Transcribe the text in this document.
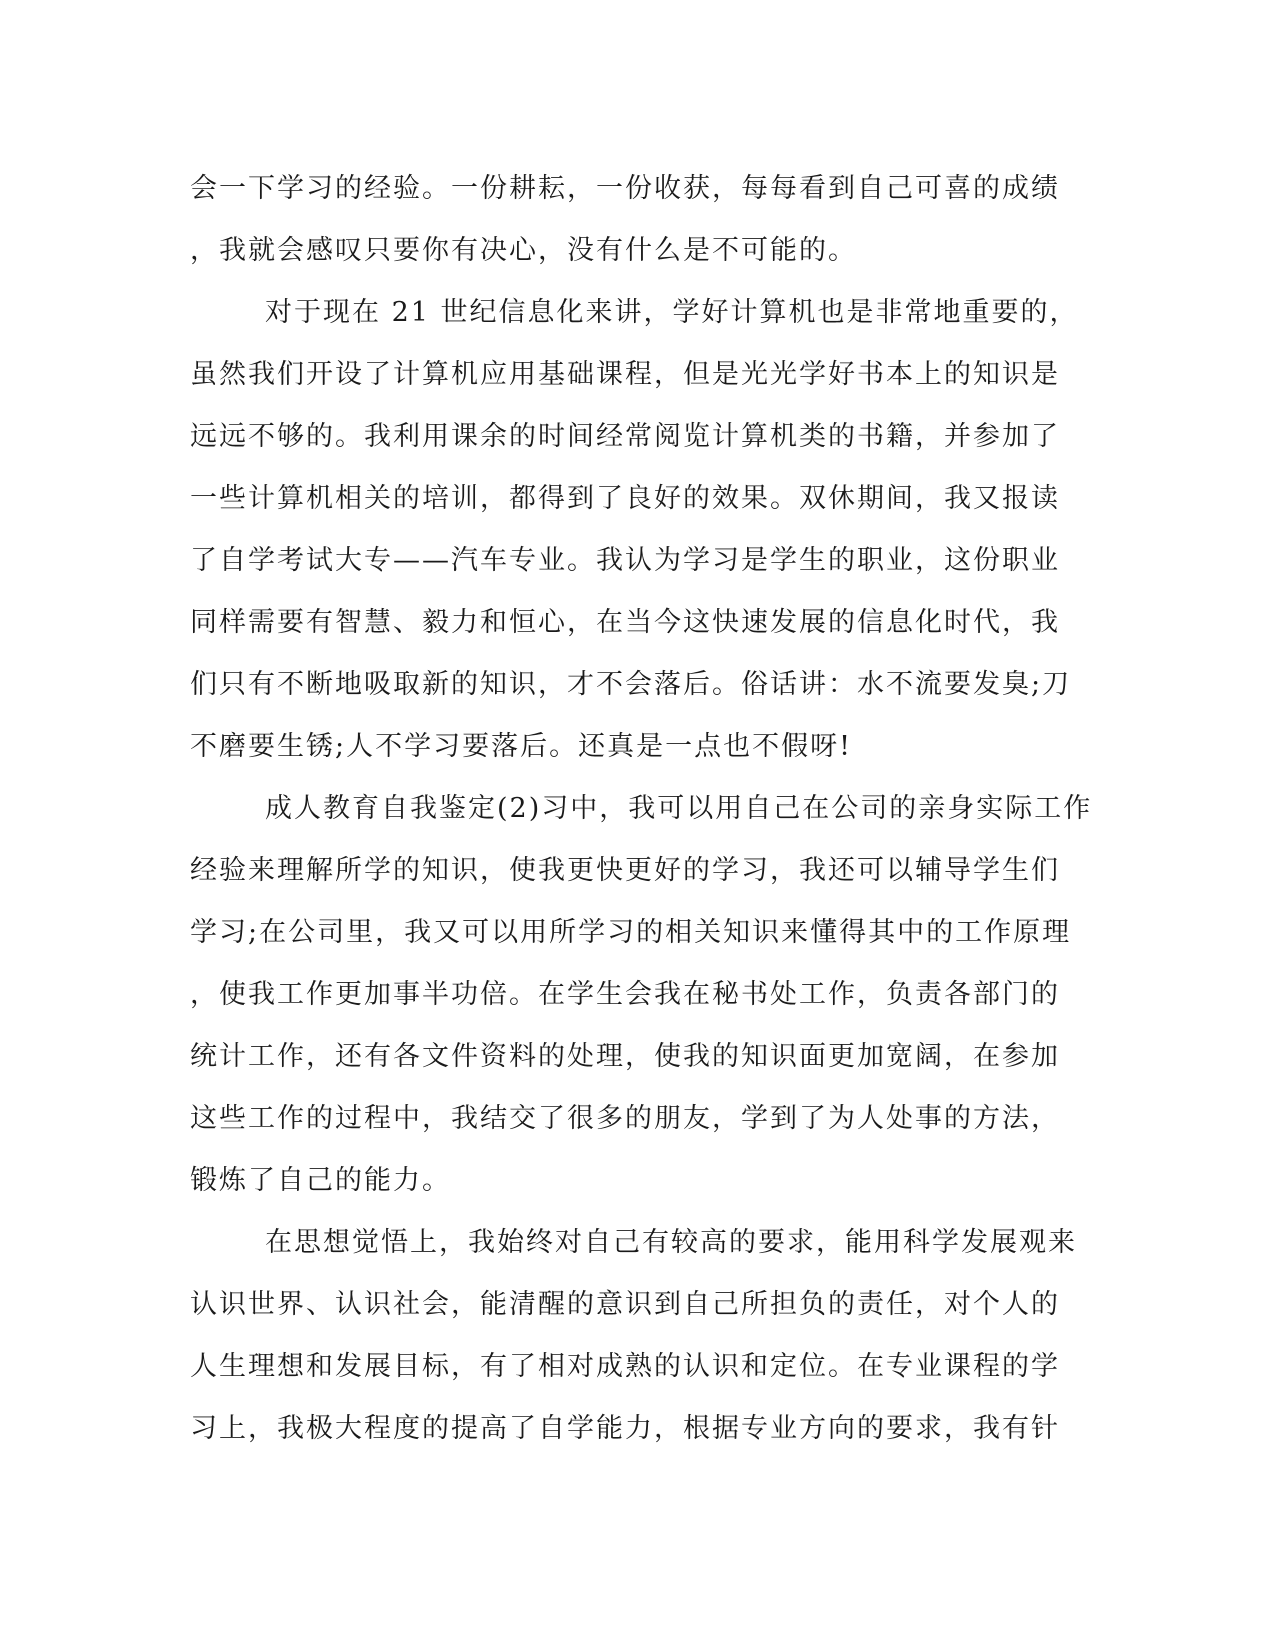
会一下学习的经验。一份耕耘，一份收获，每每看到自己可喜的成绩
，我就会感叹只要你有决心，没有什么是不可能的。
对于现在 21 世纪信息化来讲，学好计算机也是非常地重要的，
虽然我们开设了计算机应用基础课程，但是光光学好书本上的知识是
远远不够的。我利用课余的时间经常阅览计算机类的书籍，并参加了
一些计算机相关的培训，都得到了良好的效果。双休期间，我又报读
了自学考试大专——汽车专业。我认为学习是学生的职业，这份职业
同样需要有智慧、毅力和恒心，在当今这快速发展的信息化时代，我
们只有不断地吸取新的知识，才不会落后。俗话讲：水不流要发臭;刀
不磨要生锈;人不学习要落后。还真是一点也不假呀!
成人教育自我鉴定(2)习中，我可以用自己在公司的亲身实际工作
经验来理解所学的知识，使我更快更好的学习，我还可以辅导学生们
学习;在公司里，我又可以用所学习的相关知识来懂得其中的工作原理
，使我工作更加事半功倍。在学生会我在秘书处工作，负责各部门的
统计工作，还有各文件资料的处理，使我的知识面更加宽阔，在参加
这些工作的过程中，我结交了很多的朋友，学到了为人处事的方法，
锻炼了自己的能力。
在思想觉悟上，我始终对自己有较高的要求，能用科学发展观来
认识世界、认识社会，能清醒的意识到自己所担负的责任，对个人的
人生理想和发展目标，有了相对成熟的认识和定位。在专业课程的学
习上，我极大程度的提高了自学能力，根据专业方向的要求，我有针
